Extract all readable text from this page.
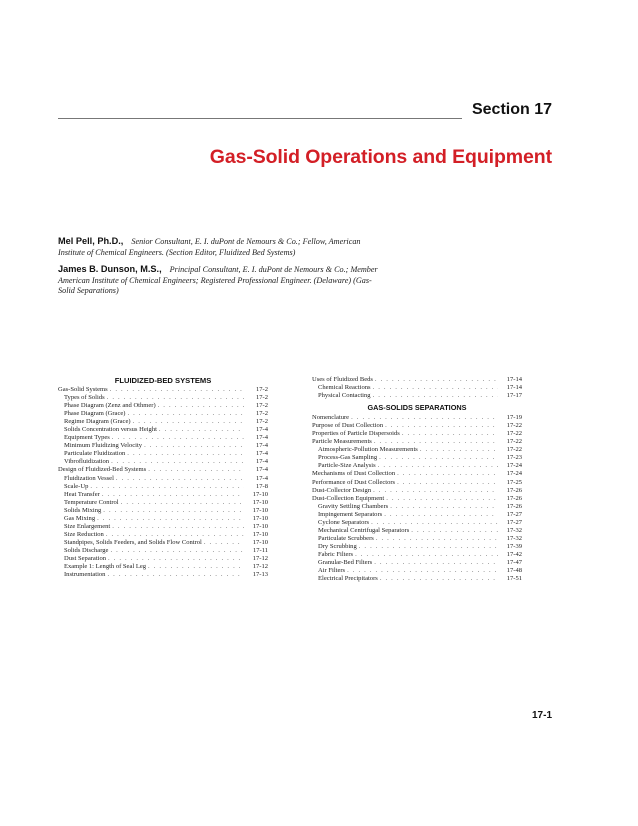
Section 17
Gas-Solid Operations and Equipment
Mel Pell, Ph.D., Senior Consultant, E. I. duPont de Nemours & Co.; Fellow, American Institute of Chemical Engineers. (Section Editor, Fluidized Bed Systems)
James B. Dunson, M.S., Principal Consultant, E. I. duPont de Nemours & Co.; Member American Institute of Chemical Engineers; Registered Professional Engineer. (Delaware) (Gas-Solid Separations)
FLUIDIZED-BED SYSTEMS
Gas-Solid Systems . . .	17-2
Types of Solids . . .	17-2
Phase Diagram (Zenz and Othmer) . . .	17-2
Phase Diagram (Grace) . . .	17-2
Regime Diagram (Grace) . . .	17-2
Solids Concentration versus Height . . .	17-4
Equipment Types . . .	17-4
Minimum Fluidizing Velocity . . .	17-4
Particulate Fluidization . . .	17-4
Vibrofluidization . . .	17-4
Design of Fluidized-Bed Systems . . .	17-4
Fluidization Vessel . . .	17-4
Scale-Up . . .	17-8
Heat Transfer . . .	17-10
Temperature Control . . .	17-10
Solids Mixing . . .	17-10
Gas Mixing . . .	17-10
Size Enlargement . . .	17-10
Size Reduction . . .	17-10
Standpipes, Solids Feeders, and Solids Flow Control . . .	17-10
Solids Discharge . . .	17-11
Dust Separation . . .	17-12
Example 1: Length of Seal Leg . . .	17-12
Instrumentation . . .	17-13
Uses of Fluidized Beds . . .	17-14
Chemical Reactions . . .	17-14
Physical Contacting . . .	17-17
GAS-SOLIDS SEPARATIONS
Nomenclature . . .	17-19
Purpose of Dust Collection . . .	17-22
Properties of Particle Dispersoids . . .	17-22
Particle Measurements . . .	17-22
Atmospheric-Pollution Measurements . . .	17-22
Process-Gas Sampling . . .	17-23
Particle-Size Analysis . . .	17-24
Mechanisms of Dust Collection . . .	17-24
Performance of Dust Collectors . . .	17-25
Dust-Collector Design . . .	17-26
Dust-Collection Equipment . . .	17-26
Gravity Settling Chambers . . .	17-26
Impingement Separators . . .	17-27
Cyclone Separators . . .	17-27
Mechanical Centrifugal Separators . . .	17-32
Particulate Scrubbers . . .	17-32
Dry Scrubbing . . .	17-39
Fabric Filters . . .	17-42
Granular-Bed Filters . . .	17-47
Air Filters . . .	17-48
Electrical Precipitators . . .	17-51
17-1
